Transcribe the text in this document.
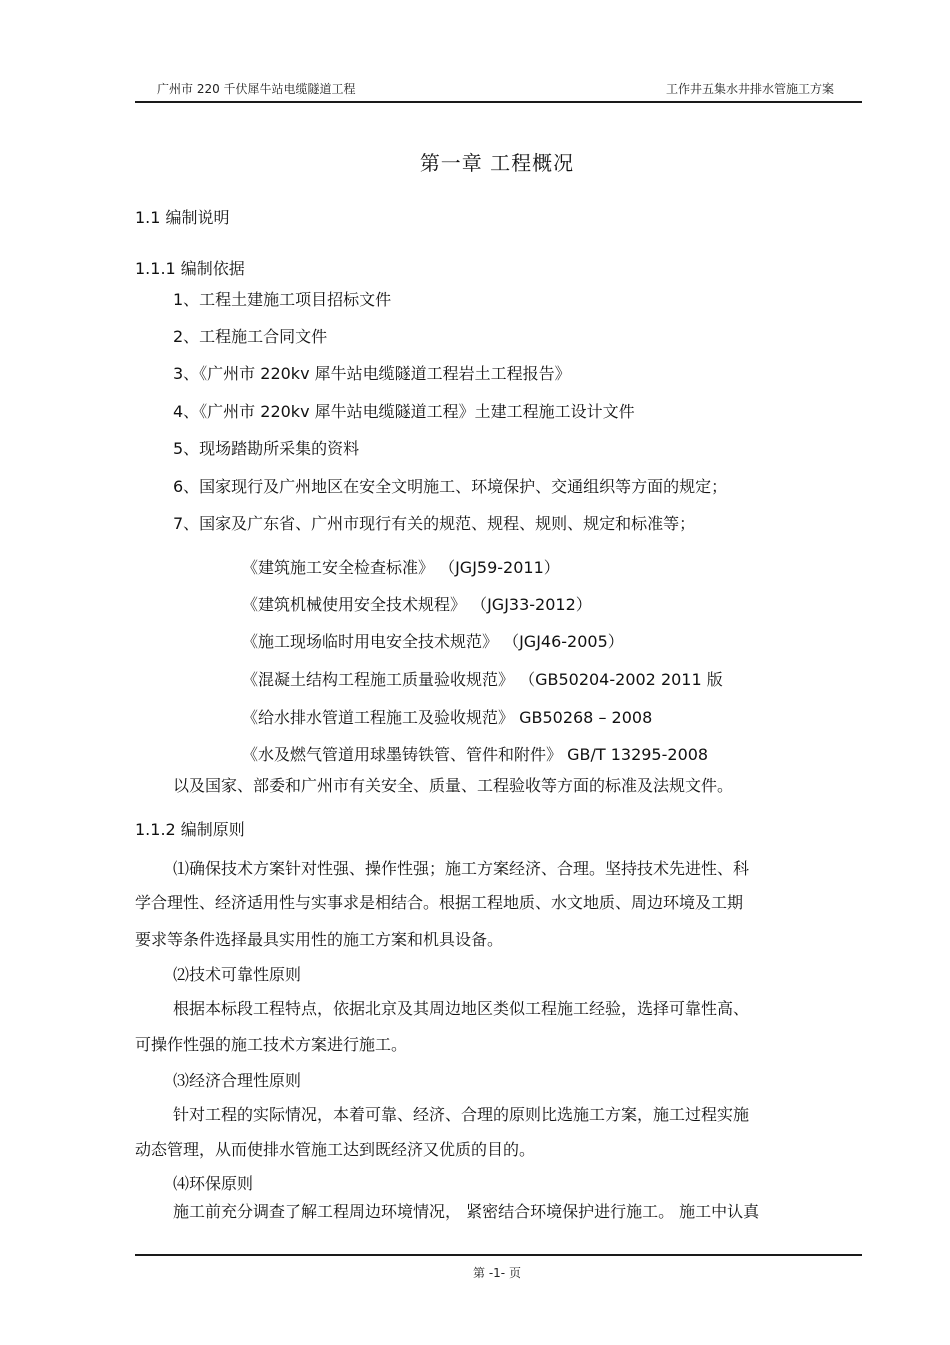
广州市 220 千伏犀牛站电缆隧道工程	工作井五集水井排水管施工方案
第一章 工程概况
1.1 编制说明
1.1.1 编制依据
1、工程土建施工项目招标文件
2、工程施工合同文件
3、《广州市 220kv 犀牛站电缆隧道工程岩土工程报告》
4、《广州市 220kv 犀牛站电缆隧道工程》土建工程施工设计文件
5、现场踏勘所采集的资料
6、国家现行及广州地区在安全文明施工、环境保护、交通组织等方面的规定；
7、国家及广东省、广州市现行有关的规范、规程、规则、规定和标准等；
《建筑施工安全检查标准》 （JGJ59-2011）
《建筑机械使用安全技术规程》 （JGJ33-2012）
《施工现场临时用电安全技术规范》 （JGJ46-2005）
《混凝土结构工程施工质量验收规范》 （GB50204-2002 2011 版
《给水排水管道工程施工及验收规范》 GB50268 – 2008
《水及燃气管道用球墨铸铁管、管件和附件》 GB/T 13295-2008
以及国家、部委和广州市有关安全、质量、工程验收等方面的标准及法规文件。
1.1.2 编制原则
⑴确保技术方案针对性强、操作性强；施工方案经济、合理。坚持技术先进性、科
学合理性、经济适用性与实事求是相结合。根据工程地质、水文地质、周边环境及工期
要求等条件选择最具实用性的施工方案和机具设备。
⑵技术可靠性原则
根据本标段工程特点，依据北京及其周边地区类似工程施工经验，选择可靠性高、
可操作性强的施工技术方案进行施工。
⑶经济合理性原则
针对工程的实际情况，本着可靠、经济、合理的原则比选施工方案，施工过程实施
动态管理，从而使排水管施工达到既经济又优质的目的。
⑷环保原则
施工前充分调查了解工程周边环境情况， 紧密结合环境保护进行施工。 施工中认真
第 -1- 页
